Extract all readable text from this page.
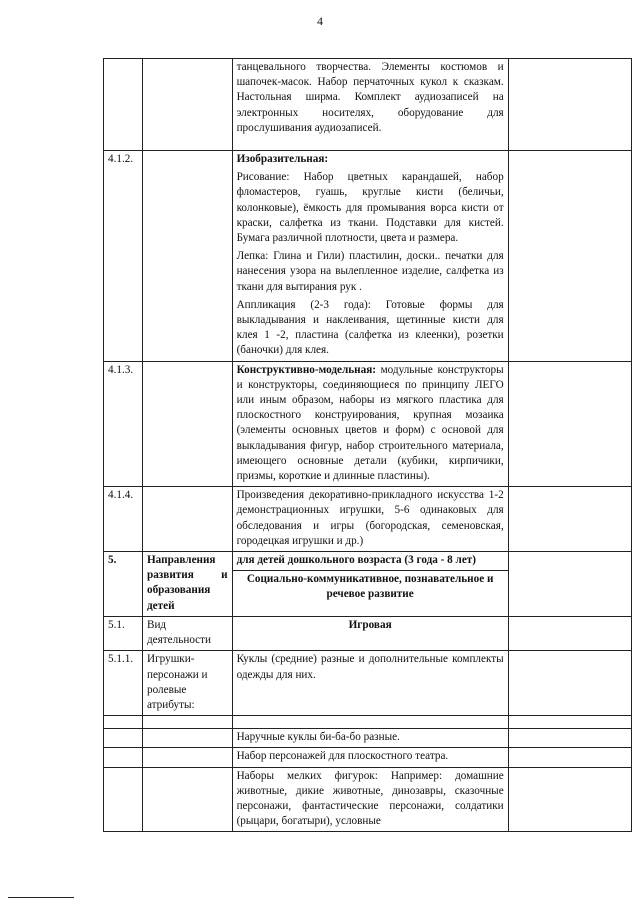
4
		танцевального творчества. Элементы костюмов и шапочек-масок. Набор перчаточных кукол к сказкам. Настольная ширма. Комплект аудиозаписей на электронных носителях, оборудование для прослушивания аудиозаписей.	
4.1.2.		Изобразительная:

Рисование: Набор цветных карандашей, набор фломастеров, гуашь, круглые кисти (беличьи, колонковые), ёмкость для промывания ворса кисти от краски, салфетка из ткани. Подставки для кистей. Бумага различной плотности, цвета и размера.

Лепка: Глина и Гили) пластилин, доски.. печатки для нанесения узора на вылепленное изделие, салфетка из ткани для вытирания рук .

Аппликация (2-3 года): Готовые формы для выкладывания и наклеивания, щетинные кисти для клея 1 -2, пластина (салфетка из клеенки), розетки (баночки) для клея.	

4.1.3.		Конструктивно-модельная: модульные конструкторы и конструкторы, соединяющиеся по принципу ЛЕГО или иным образом, наборы из мягкого пластика для плоскостного конструирования, крупная мозаика (элементы основных цветов и форм) с основой для выкладывания фигур, набор строительного материала, имеющего основные детали (кубики, кирпичики, призмы, короткие и длинные пластины).	
4.1.4.		Произведения декоративно-прикладного искусства 1-2 демонстрационных игрушки, 5-6 одинаковых для обследования и игры (богородская, семеновская, городецкая игрушки и др.)	
5.	Направления развития и образования детей	для детей дошкольного возраста (3 года - 8 лет)
Социально-коммуникативное, познавательное и речевое развитие	

5.1.	Вид деятельности	Игровая	
5.1.1.	Игрушки-персонажи и ролевые атрибуты:	Куклы (средние) разные и дополнительные комплекты одежды для них.	

		Наручные куклы би-ба-бо разные.	
		Набор персонажей для плоскостного театра.	
		Наборы мелких фигурок: Например: домашние животные, дикие животные, динозавры, сказочные персонажи, фантастические персонажи, солдатики (рыцари, богатыри), условные	
